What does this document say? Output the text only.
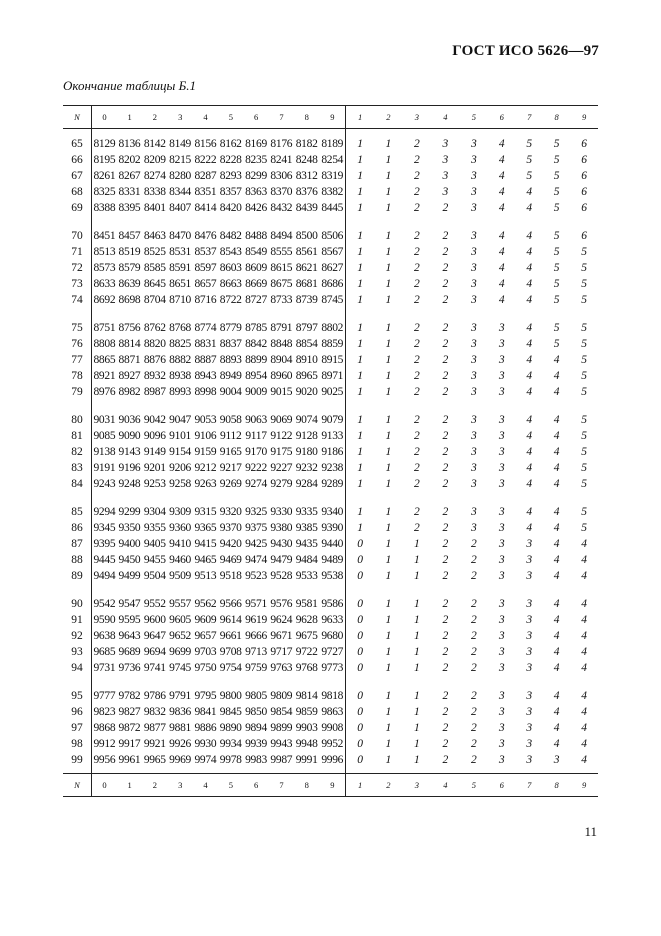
ГОСТ ИСО 5626—97
Окончание таблицы Б.1
N	0	1	2	3	4	5	6	7	8	9	1	2	3	4	5	6	7	8	9
65	8129	8136	8142	8149	8156	8162	8169	8176	8182	8189	1	1	2	3	3	4	5	5	6
66	8195	8202	8209	8215	8222	8228	8235	8241	8248	8254	1	1	2	3	3	4	5	5	6
67	8261	8267	8274	8280	8287	8293	8299	8306	8312	8319	1	1	2	3	3	4	5	5	6
68	8325	8331	8338	8344	8351	8357	8363	8370	8376	8382	1	1	2	3	3	4	4	5	6
69	8388	8395	8401	8407	8414	8420	8426	8432	8439	8445	1	1	2	2	3	4	4	5	6
70	8451	8457	8463	8470	8476	8482	8488	8494	8500	8506	1	1	2	2	3	4	4	5	6
71	8513	8519	8525	8531	8537	8543	8549	8555	8561	8567	1	1	2	2	3	4	4	5	5
72	8573	8579	8585	8591	8597	8603	8609	8615	8621	8627	1	1	2	2	3	4	4	5	5
73	8633	8639	8645	8651	8657	8663	8669	8675	8681	8686	1	1	2	2	3	4	4	5	5
74	8692	8698	8704	8710	8716	8722	8727	8733	8739	8745	1	1	2	2	3	4	4	5	5
75	8751	8756	8762	8768	8774	8779	8785	8791	8797	8802	1	1	2	2	3	3	4	5	5
76	8808	8814	8820	8825	8831	8837	8842	8848	8854	8859	1	1	2	2	3	3	4	5	5
77	8865	8871	8876	8882	8887	8893	8899	8904	8910	8915	1	1	2	2	3	3	4	4	5
78	8921	8927	8932	8938	8943	8949	8954	8960	8965	8971	1	1	2	2	3	3	4	4	5
79	8976	8982	8987	8993	8998	9004	9009	9015	9020	9025	1	1	2	2	3	3	4	4	5
80	9031	9036	9042	9047	9053	9058	9063	9069	9074	9079	1	1	2	2	3	3	4	4	5
81	9085	9090	9096	9101	9106	9112	9117	9122	9128	9133	1	1	2	2	3	3	4	4	5
82	9138	9143	9149	9154	9159	9165	9170	9175	9180	9186	1	1	2	2	3	3	4	4	5
83	9191	9196	9201	9206	9212	9217	9222	9227	9232	9238	1	1	2	2	3	3	4	4	5
84	9243	9248	9253	9258	9263	9269	9274	9279	9284	9289	1	1	2	2	3	3	4	4	5
85	9294	9299	9304	9309	9315	9320	9325	9330	9335	9340	1	1	2	2	3	3	4	4	5
86	9345	9350	9355	9360	9365	9370	9375	9380	9385	9390	1	1	2	2	3	3	4	4	5
87	9395	9400	9405	9410	9415	9420	9425	9430	9435	9440	0	1	1	2	2	3	3	4	4
88	9445	9450	9455	9460	9465	9469	9474	9479	9484	9489	0	1	1	2	2	3	3	4	4
89	9494	9499	9504	9509	9513	9518	9523	9528	9533	9538	0	1	1	2	2	3	3	4	4
90	9542	9547	9552	9557	9562	9566	9571	9576	9581	9586	0	1	1	2	2	3	3	4	4
91	9590	9595	9600	9605	9609	9614	9619	9624	9628	9633	0	1	1	2	2	3	3	4	4
92	9638	9643	9647	9652	9657	9661	9666	9671	9675	9680	0	1	1	2	2	3	3	4	4
93	9685	9689	9694	9699	9703	9708	9713	9717	9722	9727	0	1	1	2	2	3	3	4	4
94	9731	9736	9741	9745	9750	9754	9759	9763	9768	9773	0	1	1	2	2	3	3	4	4
95	9777	9782	9786	9791	9795	9800	9805	9809	9814	9818	0	1	1	2	2	3	3	4	4
96	9823	9827	9832	9836	9841	9845	9850	9854	9859	9863	0	1	1	2	2	3	3	4	4
97	9868	9872	9877	9881	9886	9890	9894	9899	9903	9908	0	1	1	2	2	3	3	4	4
98	9912	9917	9921	9926	9930	9934	9939	9943	9948	9952	0	1	1	2	2	3	3	4	4
99	9956	9961	9965	9969	9974	9978	9983	9987	9991	9996	0	1	1	2	2	3	3	3	4
N	0	1	2	3	4	5	6	7	8	9	1	2	3	4	5	6	7	8	9
11
